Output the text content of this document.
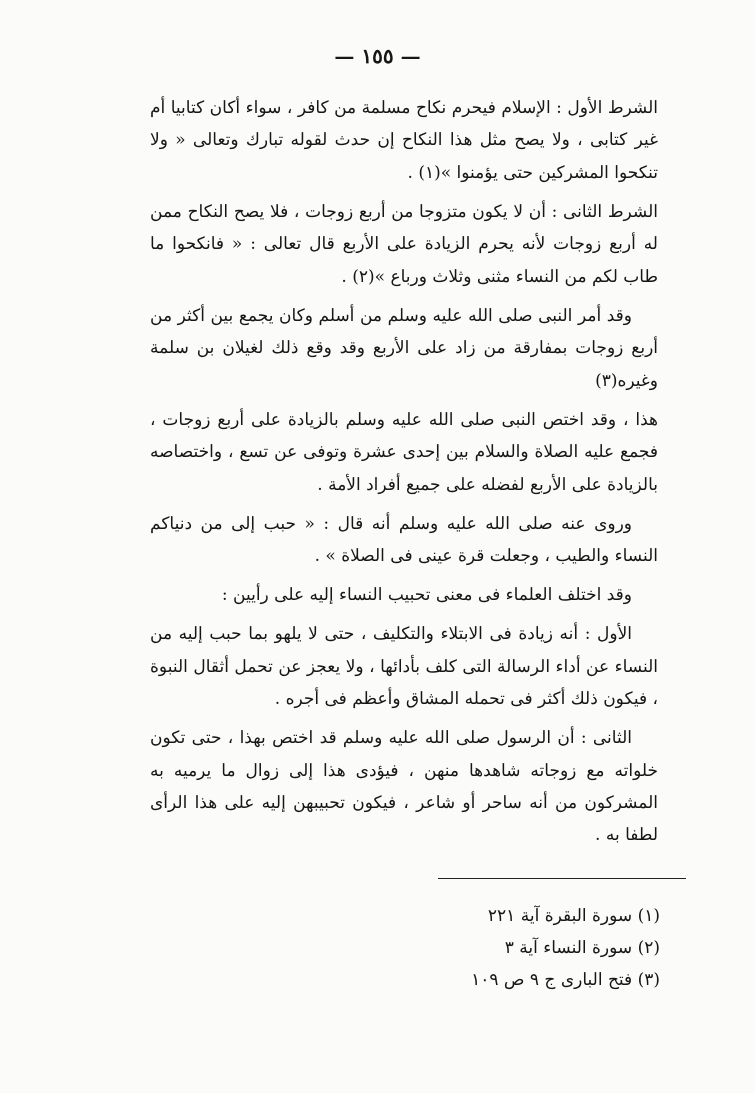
— ١٥٥ —

الشرط الأول : الإسلام فيحرم نكاح مسلمة من كافر ، سواء أكان كتابيا أم غير كتابى ، ولا يصح مثل هذا النكاح إن حدث لقوله تبارك وتعالى « ولا تنكحوا المشركين حتى يؤمنوا »(١) .

الشرط الثانى : أن لا يكون متزوجا من أربع زوجات ، فلا يصح النكاح ممن له أربع زوجات لأنه يحرم الزيادة على الأربع قال تعالى : « فانكحوا ما طاب لكم من النساء مثنى وثلاث ورباع »(٢) .

وقد أمر النبى صلى الله عليه وسلم من أسلم وكان يجمع بين أكثر من أربع زوجات بمفارقة من زاد على الأربع وقد وقع ذلك لغيلان بن سلمة وغيره(٣)

هذا ، وقد اختص النبى صلى الله عليه وسلم بالزيادة على أربع زوجات ، فجمع عليه الصلاة والسلام بين إحدى عشرة وتوفى عن تسع ، واختصاصه بالزيادة على الأربع لفضله على جميع أفراد الأمة .

وروى عنه صلى الله عليه وسلم أنه قال : « حبب إلى من دنياكم النساء والطيب ، وجعلت قرة عينى فى الصلاة » .

وقد اختلف العلماء فى معنى تحبيب النساء إليه على رأيين :

الأول : أنه زيادة فى الابتلاء والتكليف ، حتى لا يلهو بما حبب إليه من النساء عن أداء الرسالة التى كلف بأدائها ، ولا يعجز عن تحمل أثقال النبوة ، فيكون ذلك أكثر فى تحمله المشاق وأعظم فى أجره .

الثانى : أن الرسول صلى الله عليه وسلم قد اختص بهذا ، حتى تكون خلواته مع زوجاته شاهدها منهن ، فيؤدى هذا إلى زوال ما يرميه به المشركون من أنه ساحر أو شاعر ، فيكون تحبيبهن إليه على هذا الرأى لطفا به .

(١) سورة البقرة آية ٢٢١
(٢) سورة النساء آية ٣
(٣) فتح البارى ج ٩ ص ١٠٩
